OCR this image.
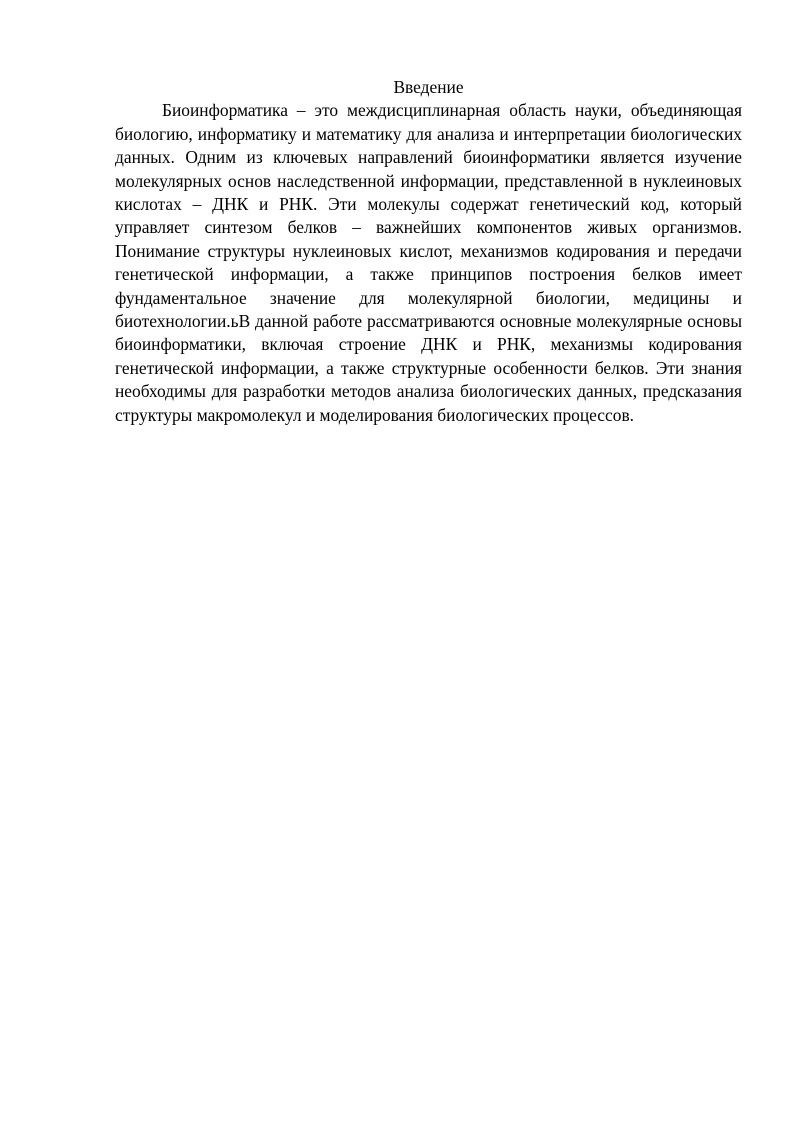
Введение

Биоинформатика – это междисциплинарная область науки, объединяющая биологию, информатику и математику для анализа и интерпретации биологических данных. Одним из ключевых направлений биоинформатики является изучение молекулярных основ наследственной информации, представленной в нуклеиновых кислотах – ДНК и РНК. Эти молекулы содержат генетический код, который управляет синтезом белков – важнейших компонентов живых организмов. Понимание структуры нуклеиновых кислот, механизмов кодирования и передачи генетической информации, а также принципов построения белков имеет фундаментальное значение для молекулярной биологии, медицины и биотехнологии.ьВ данной работе рассматриваются основные молекулярные основы биоинформатики, включая строение ДНК и РНК, механизмы кодирования генетической информации, а также структурные особенности белков. Эти знания необходимы для разработки методов анализа биологических данных, предсказания структуры макромолекул и моделирования биологических процессов.
